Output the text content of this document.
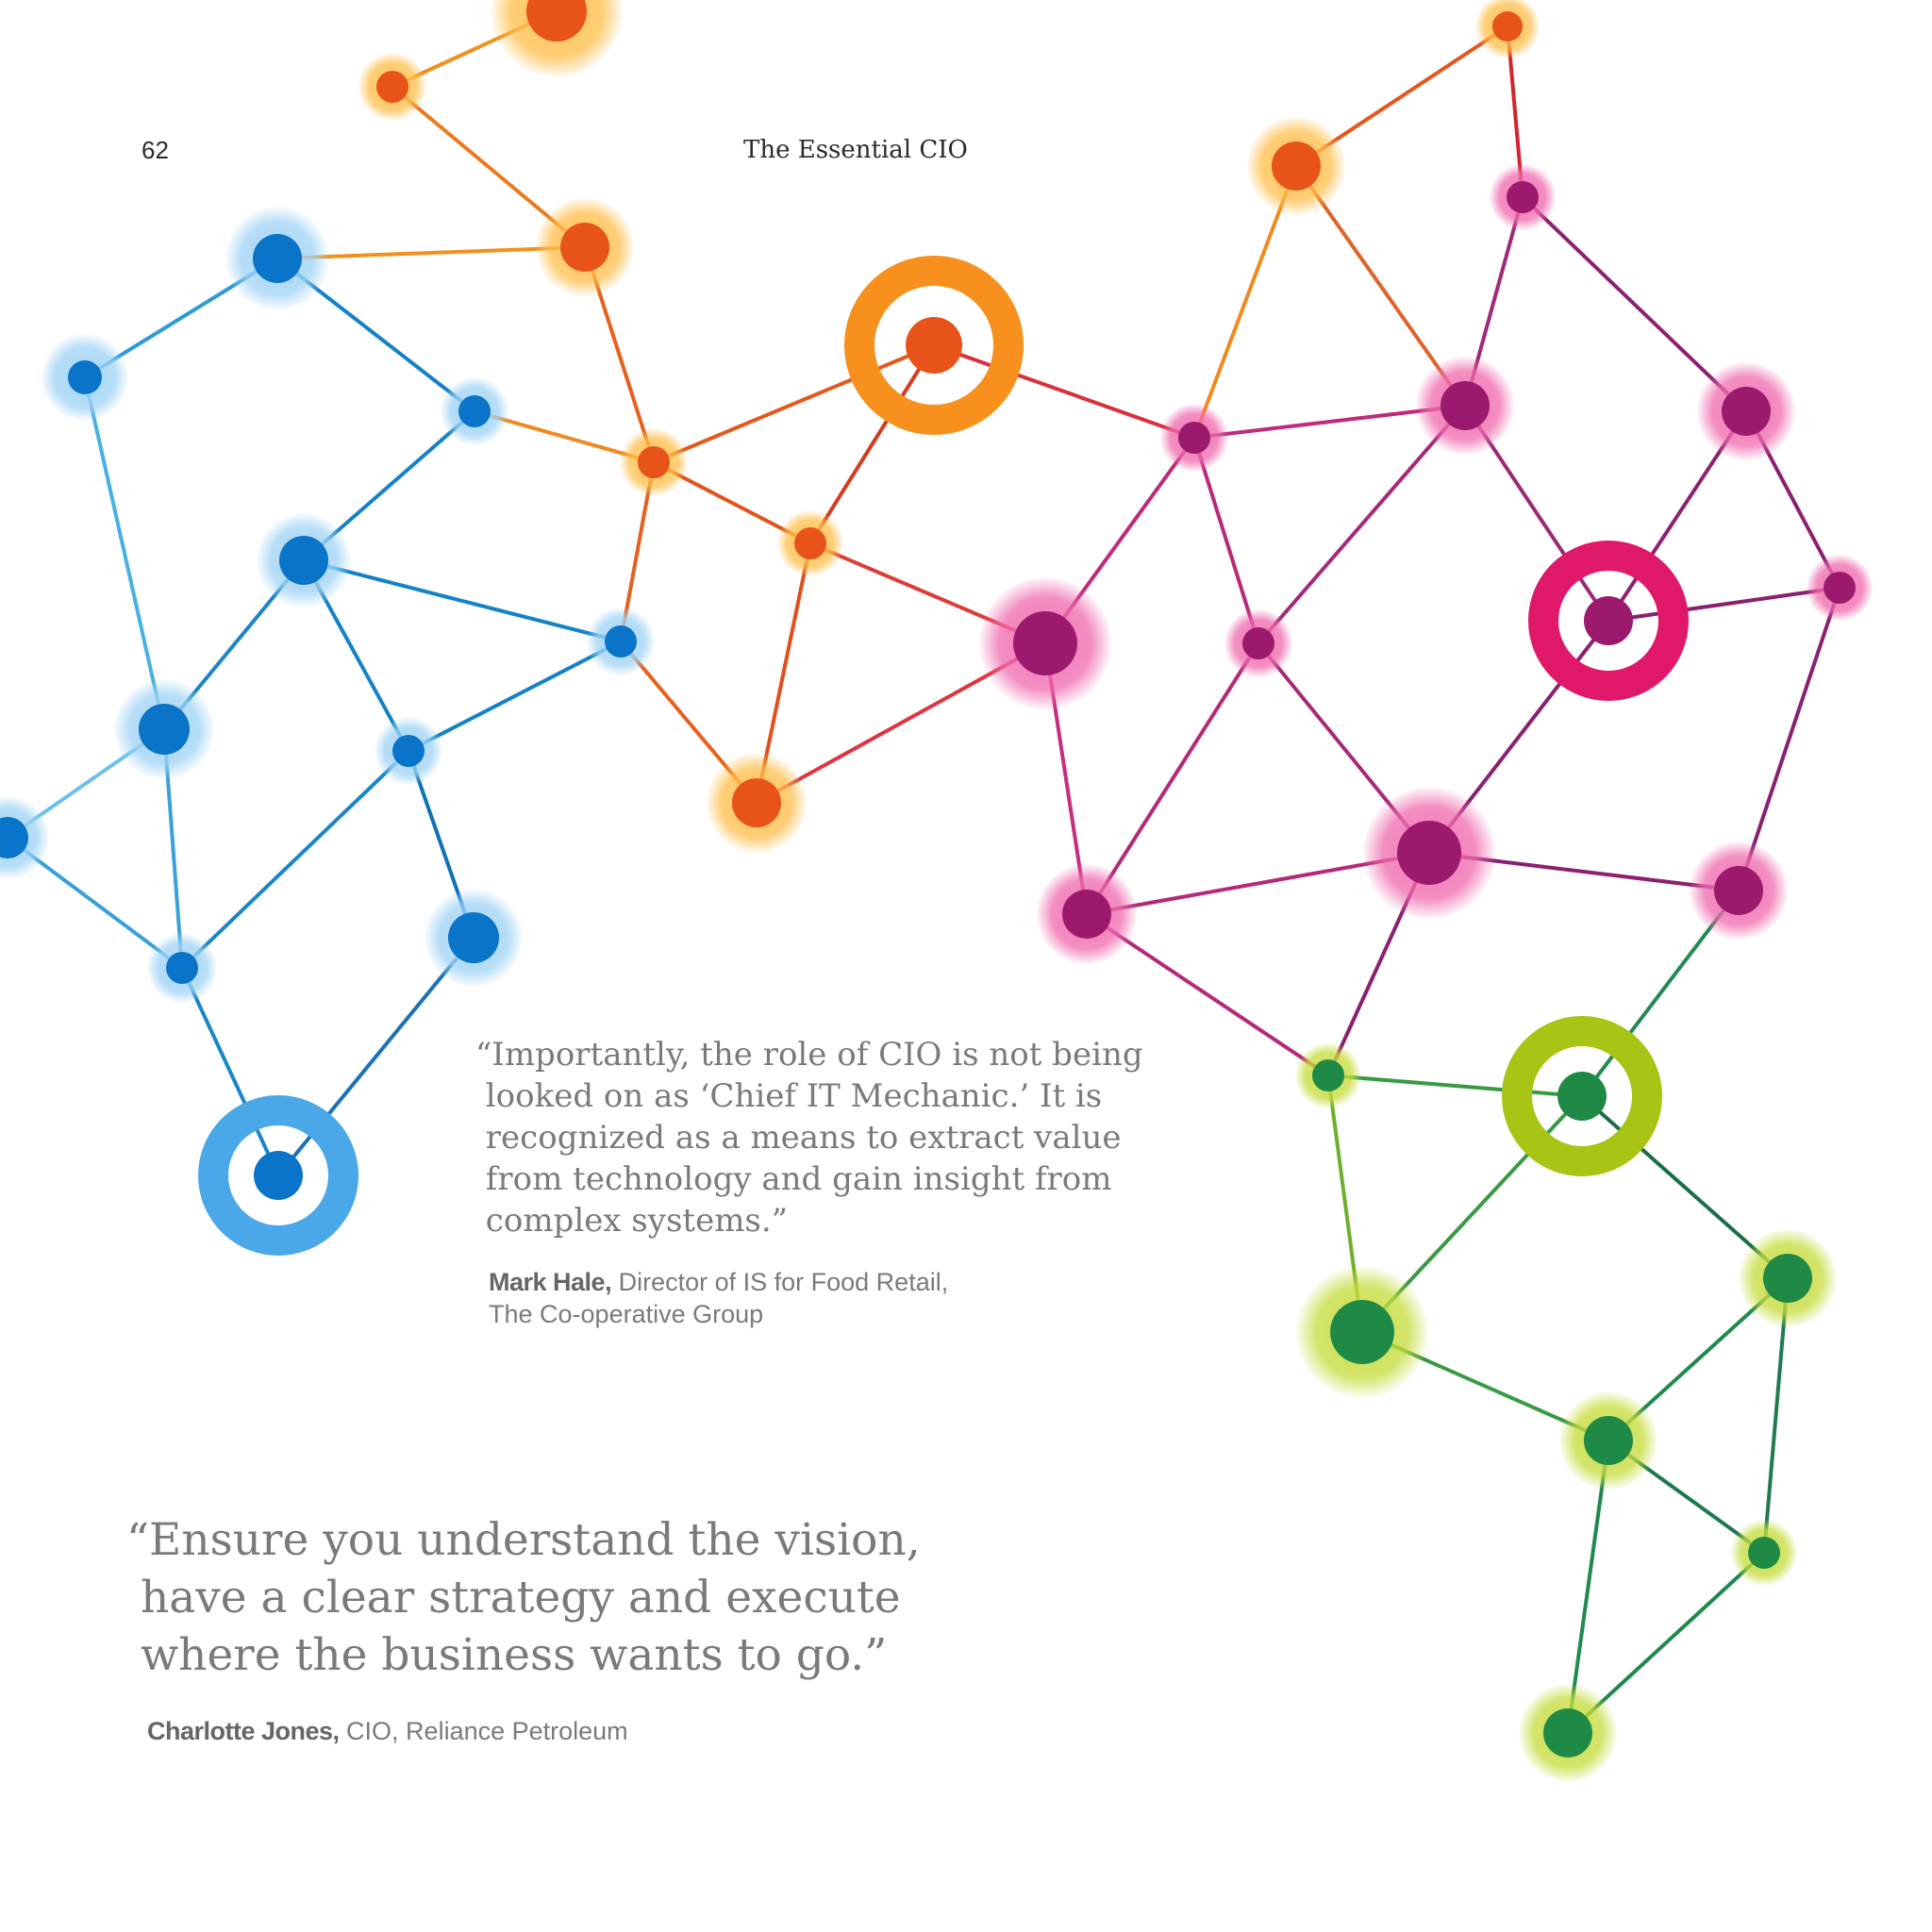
62	The Essential CIO

“Importantly, the role of CIO is not being

looked on as ‘Chief IT Mechanic.’ It is

recognized as a means to extract value

from technology and gain insight from

complex systems.”

Mark Hale, Director of IS for Food Retail,
The Co-operative Group

“Ensure you understand the vision,

have a clear strategy and execute

where the business wants to go.”

Charlotte Jones, CIO, Reliance Petroleum
